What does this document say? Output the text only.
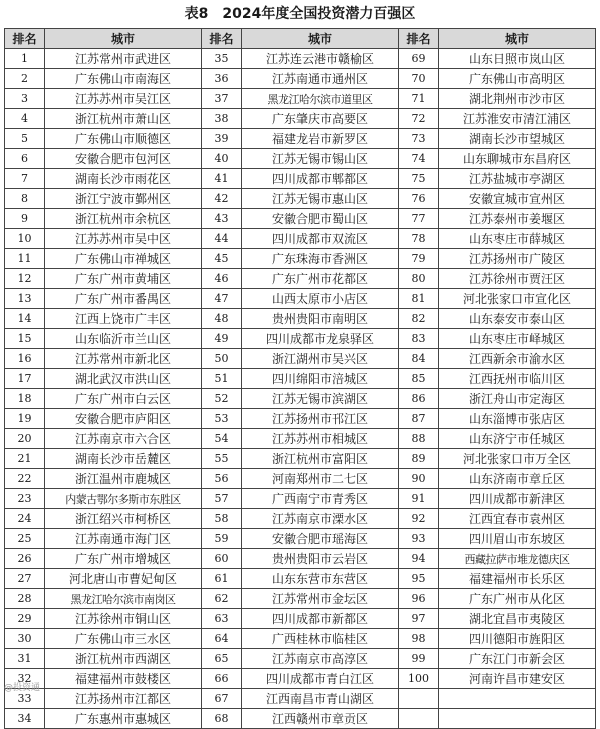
表8　2024年度全国投资潜力百强区
排名	城市	排名	城市	排名	城市
1	江苏常州市武进区	35	江苏连云港市赣榆区	69	山东日照市岚山区
2	广东佛山市南海区	36	江苏南通市通州区	70	广东佛山市高明区
3	江苏苏州市吴江区	37	黑龙江哈尔滨市道里区	71	湖北荆州市沙市区
4	浙江杭州市萧山区	38	广东肇庆市高要区	72	江苏淮安市清江浦区
5	广东佛山市顺德区	39	福建龙岩市新罗区	73	湖南长沙市望城区
6	安徽合肥市包河区	40	江苏无锡市锡山区	74	山东聊城市东昌府区
7	湖南长沙市雨花区	41	四川成都市郫都区	75	江苏盐城市亭湖区
8	浙江宁波市鄞州区	42	江苏无锡市惠山区	76	安徽宣城市宣州区
9	浙江杭州市余杭区	43	安徽合肥市蜀山区	77	江苏泰州市姜堰区
10	江苏苏州市吴中区	44	四川成都市双流区	78	山东枣庄市薛城区
11	广东佛山市禅城区	45	广东珠海市香洲区	79	江苏扬州市广陵区
12	广东广州市黄埔区	46	广东广州市花都区	80	江苏徐州市贾汪区
13	广东广州市番禺区	47	山西太原市小店区	81	河北张家口市宣化区
14	江西上饶市广丰区	48	贵州贵阳市南明区	82	山东泰安市泰山区
15	山东临沂市兰山区	49	四川成都市龙泉驿区	83	山东枣庄市峄城区
16	江苏常州市新北区	50	浙江湖州市吴兴区	84	江西新余市渝水区
17	湖北武汉市洪山区	51	四川绵阳市涪城区	85	江西抚州市临川区
18	广东广州市白云区	52	江苏无锡市滨湖区	86	浙江舟山市定海区
19	安徽合肥市庐阳区	53	江苏扬州市邗江区	87	山东淄博市张店区
20	江苏南京市六合区	54	江苏苏州市相城区	88	山东济宁市任城区
21	湖南长沙市岳麓区	55	浙江杭州市富阳区	89	河北张家口市万全区
22	浙江温州市鹿城区	56	河南郑州市二七区	90	山东济南市章丘区
23	内蒙古鄂尔多斯市东胜区	57	广西南宁市青秀区	91	四川成都市新津区
24	浙江绍兴市柯桥区	58	江苏南京市溧水区	92	江西宜春市袁州区
25	江苏南通市海门区	59	安徽合肥市瑶海区	93	四川眉山市东坡区
26	广东广州市增城区	60	贵州贵阳市云岩区	94	西藏拉萨市堆龙德庆区
27	河北唐山市曹妃甸区	61	山东东营市东营区	95	福建福州市长乐区
28	黑龙江哈尔滨市南岗区	62	江苏常州市金坛区	96	广东广州市从化区
29	江苏徐州市铜山区	63	四川成都市新都区	97	湖北宜昌市夷陵区
30	广东佛山市三水区	64	广西桂林市临桂区	98	四川德阳市旌阳区
31	浙江杭州市西湖区	65	江苏南京市高淳区	99	广东江门市新会区
32	福建福州市鼓楼区	66	四川成都市青白江区	100	河南许昌市建安区
33	江苏扬州市江都区	67	江西南昌市青山湖区		
34	广东惠州市惠城区	68	江西赣州市章贡区		
@投资通
